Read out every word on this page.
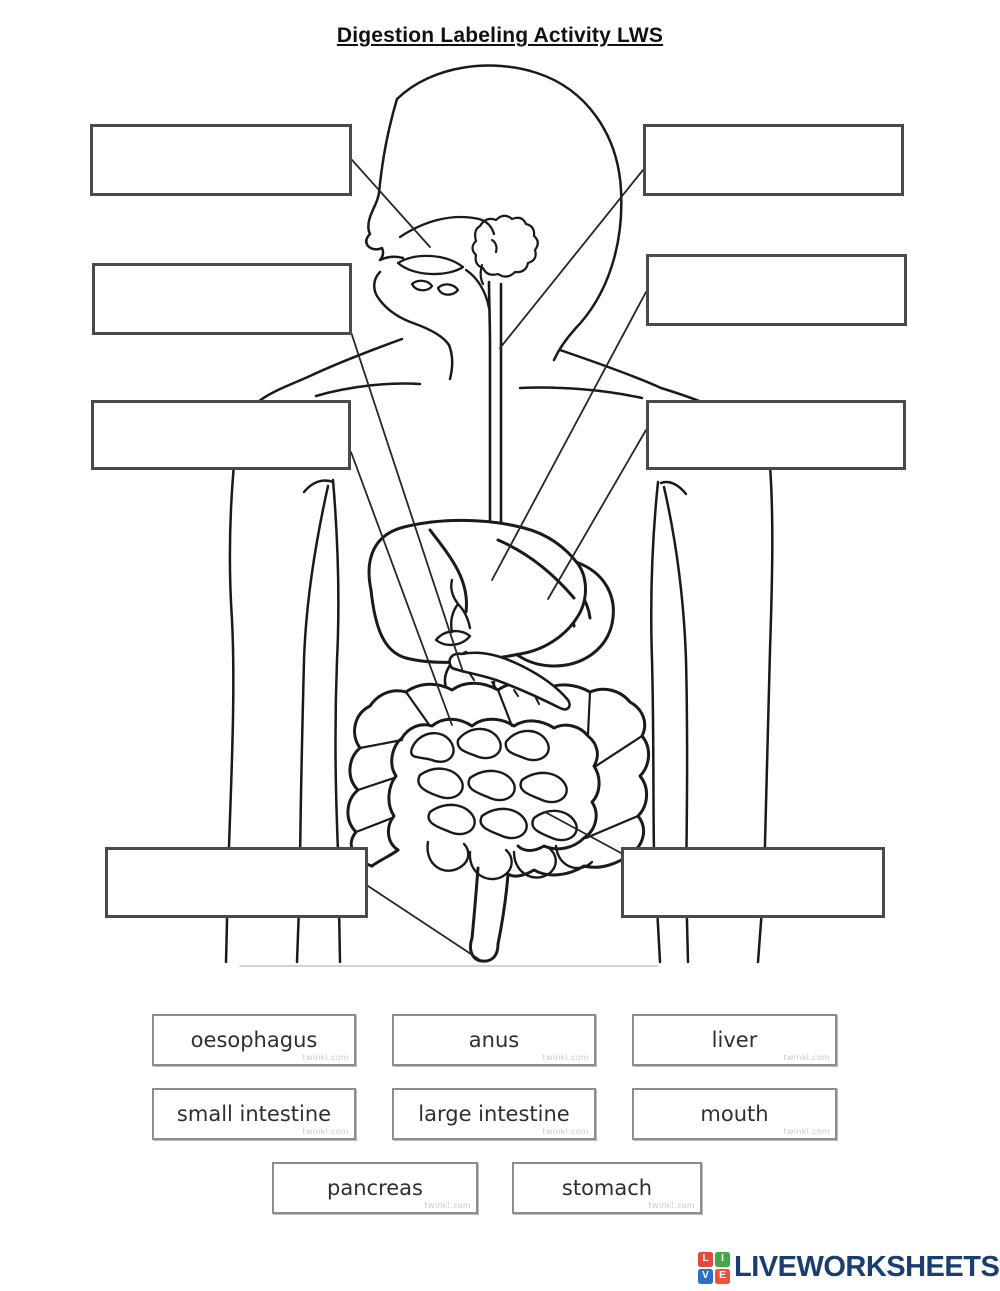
Digestion Labeling Activity LWS
oesophagus
twinkl.com
anus
twinkl.com
liver
twinkl.com
small intestine
twinkl.com
large intestine
twinkl.com
mouth
twinkl.com
pancreas
twinkl.com
stomach
twinkl.com
L	I
V	E LIVEWORKSHEETS
